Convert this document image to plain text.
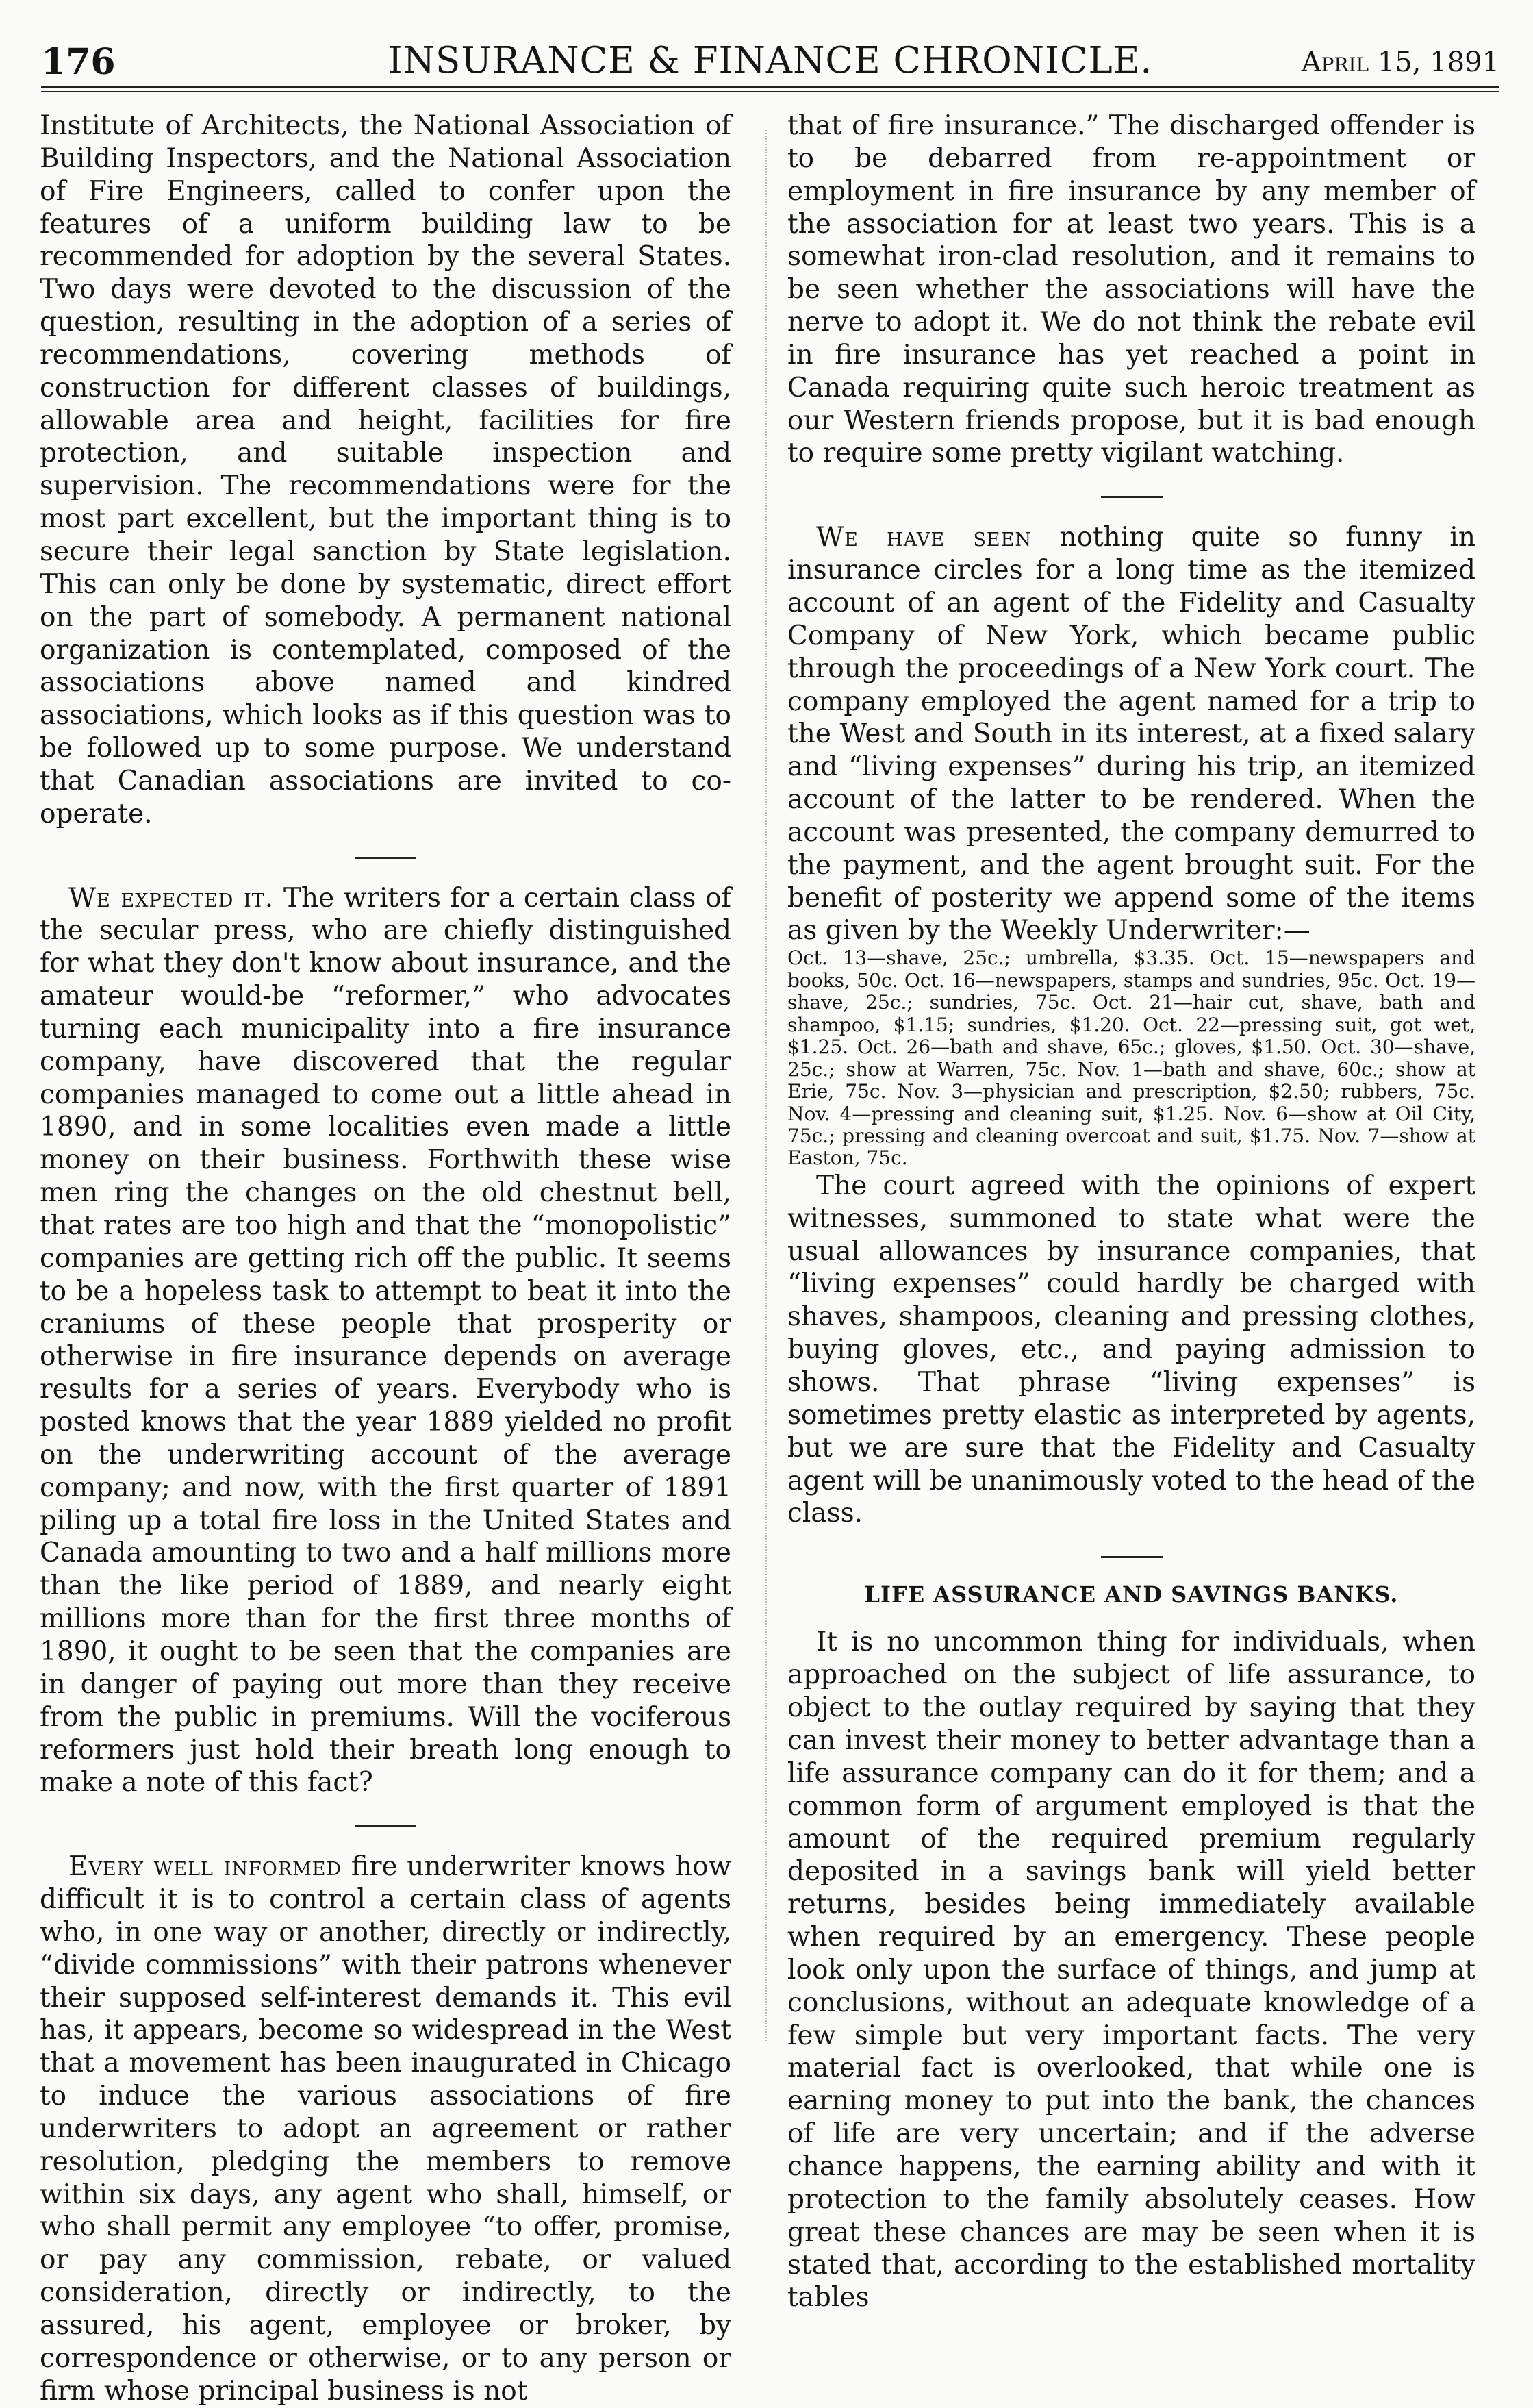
176	INSURANCE & FINANCE CHRONICLE.	April 15, 1891

Institute of Architects, the National Association of Building Inspectors, and the National Association of Fire Engineers, called to confer upon the features of a uniform building law to be recommended for adoption by the several States. Two days were devoted to the discussion of the question, resulting in the adoption of a series of recommendations, covering methods of construction for different classes of buildings, allowable area and height, facilities for fire protection, and suitable inspection and supervision. The recommendations were for the most part excellent, but the important thing is to secure their legal sanction by State legislation. This can only be done by systematic, direct effort on the part of somebody. A permanent national organization is contemplated, composed of the associations above named and kindred associations, which looks as if this question was to be followed up to some purpose. We understand that Canadian associations are invited to co-operate.

We expected it. The writers for a certain class of the secular press, who are chiefly distinguished for what they don't know about insurance, and the amateur would-be “reformer,” who advocates turning each municipality into a fire insurance company, have discovered that the regular companies managed to come out a little ahead in 1890, and in some localities even made a little money on their business. Forthwith these wise men ring the changes on the old chestnut bell, that rates are too high and that the “monopolistic” companies are getting rich off the public. It seems to be a hopeless task to attempt to beat it into the craniums of these people that prosperity or otherwise in fire insurance depends on average results for a series of years. Everybody who is posted knows that the year 1889 yielded no profit on the underwriting account of the average company; and now, with the first quarter of 1891 piling up a total fire loss in the United States and Canada amounting to two and a half millions more than the like period of 1889, and nearly eight millions more than for the first three months of 1890, it ought to be seen that the companies are in danger of paying out more than they receive from the public in premiums. Will the vociferous reformers just hold their breath long enough to make a note of this fact?

Every well informed fire underwriter knows how difficult it is to control a certain class of agents who, in one way or another, directly or indirectly, “divide commissions” with their patrons whenever their supposed self-interest demands it. This evil has, it appears, become so widespread in the West that a movement has been inaugurated in Chicago to induce the various associations of fire underwriters to adopt an agreement or rather resolution, pledging the members to remove within six days, any agent who shall, himself, or who shall permit any employee “to offer, promise, or pay any commission, rebate, or valued consideration, directly or indirectly, to the assured, his agent, employee or broker, by correspondence or otherwise, or to any person or firm whose principal business is not

that of fire insurance.” The discharged offender is to be debarred from re-appointment or employment in fire insurance by any member of the association for at least two years. This is a somewhat iron-clad resolution, and it remains to be seen whether the associations will have the nerve to adopt it. We do not think the rebate evil in fire insurance has yet reached a point in Canada requiring quite such heroic treatment as our Western friends propose, but it is bad enough to require some pretty vigilant watching.

We have seen nothing quite so funny in insurance circles for a long time as the itemized account of an agent of the Fidelity and Casualty Company of New York, which became public through the proceedings of a New York court. The company employed the agent named for a trip to the West and South in its interest, at a fixed salary and “living expenses” during his trip, an itemized account of the latter to be rendered. When the account was presented, the company demurred to the payment, and the agent brought suit. For the benefit of posterity we append some of the items as given by the Weekly Underwriter:—

Oct. 13—shave, 25c.; umbrella, $3.35. Oct. 15—newspapers and books, 50c. Oct. 16—newspapers, stamps and sundries, 95c. Oct. 19—shave, 25c.; sundries, 75c. Oct. 21—hair cut, shave, bath and shampoo, $1.15; sundries, $1.20. Oct. 22—pressing suit, got wet, $1.25. Oct. 26—bath and shave, 65c.; gloves, $1.50. Oct. 30—shave, 25c.; show at Warren, 75c. Nov. 1—bath and shave, 60c.; show at Erie, 75c. Nov. 3—physician and prescription, $2.50; rubbers, 75c. Nov. 4—pressing and cleaning suit, $1.25. Nov. 6—show at Oil City, 75c.; pressing and cleaning overcoat and suit, $1.75. Nov. 7—show at Easton, 75c.

The court agreed with the opinions of expert witnesses, summoned to state what were the usual allowances by insurance companies, that “living expenses” could hardly be charged with shaves, shampoos, cleaning and pressing clothes, buying gloves, etc., and paying admission to shows. That phrase “living expenses” is sometimes pretty elastic as interpreted by agents, but we are sure that the Fidelity and Casualty agent will be unanimously voted to the head of the class.

LIFE ASSURANCE AND SAVINGS BANKS.

It is no uncommon thing for individuals, when approached on the subject of life assurance, to object to the outlay required by saying that they can invest their money to better advantage than a life assurance company can do it for them; and a common form of argument employed is that the amount of the required premium regularly deposited in a savings bank will yield better returns, besides being immediately available when required by an emergency. These people look only upon the surface of things, and jump at conclusions, without an adequate knowledge of a few simple but very important facts. The very material fact is overlooked, that while one is earning money to put into the bank, the chances of life are very uncertain; and if the adverse chance happens, the earning ability and with it protection to the family absolutely ceases. How great these chances are may be seen when it is stated that, according to the established mortality tables
